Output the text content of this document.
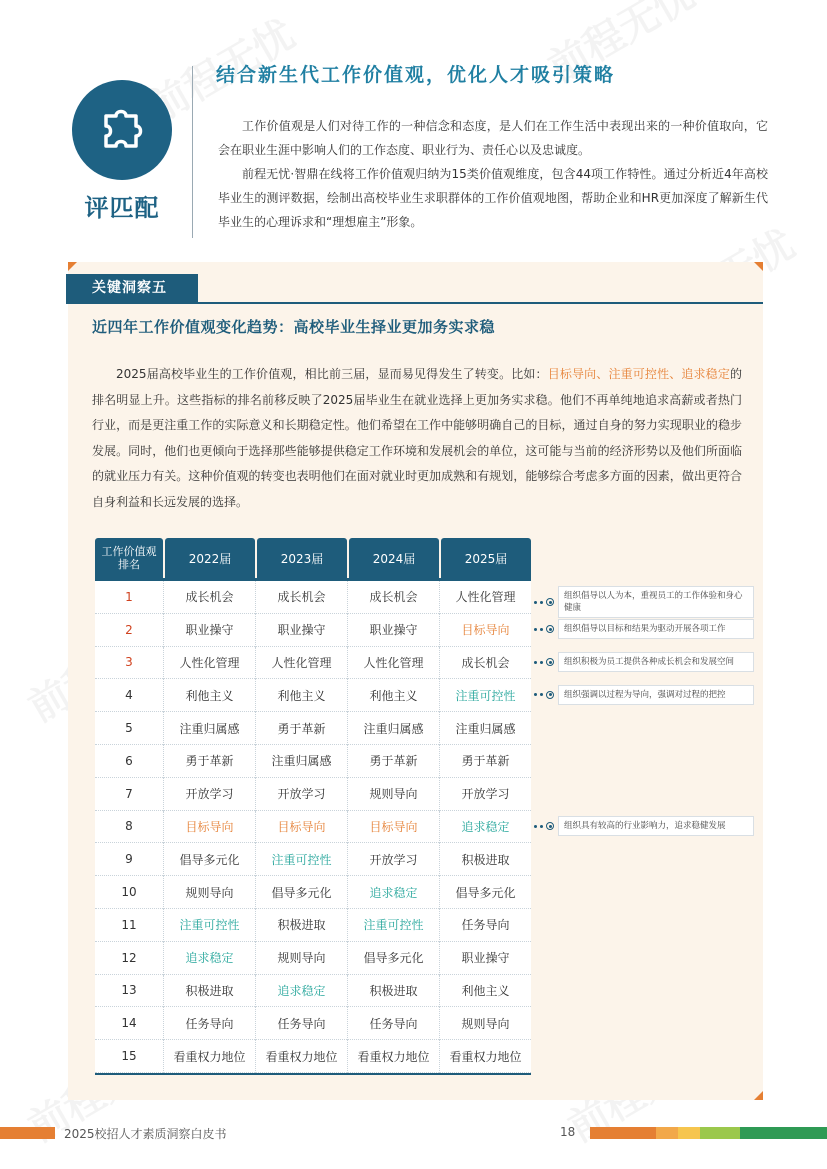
评匹配
结合新生代工作价值观，优化人才吸引策略

工作价值观是人们对待工作的一种信念和态度，是人们在工作生活中表现出来的一种价值取向，它会在职业生涯中影响人们的工作态度、职业行为、责任心以及忠诚度。

前程无忧·智鼎在线将工作价值观归纳为15类价值观维度，包含44项工作特性。通过分析近4年高校毕业生的测评数据，绘制出高校毕业生求职群体的工作价值观地图，帮助企业和HR更加深度了解新生代毕业生的心理诉求和“理想雇主”形象。

关键洞察五
近四年工作价值观变化趋势：高校毕业生择业更加务实求稳

2025届高校毕业生的工作价值观，相比前三届，显而易见得发生了转变。比如：目标导向、注重可控性、追求稳定的排名明显上升。这些指标的排名前移反映了2025届毕业生在就业选择上更加务实求稳。他们不再单纯地追求高薪或者热门行业，而是更注重工作的实际意义和长期稳定性。他们希望在工作中能够明确自己的目标，通过自身的努力实现职业的稳步发展。同时，他们也更倾向于选择那些能够提供稳定工作环境和发展机会的单位，这可能与当前的经济形势以及他们所面临的就业压力有关。这种价值观的转变也表明他们在面对就业时更加成熟和有规划，能够综合考虑多方面的因素，做出更符合自身利益和长远发展的选择。

工作价值观排名	2022届	2023届	2024届	2025届
1	成长机会	成长机会	成长机会	人性化管理
2	职业操守	职业操守	职业操守	目标导向
3	人性化管理	人性化管理	人性化管理	成长机会
4	利他主义	利他主义	利他主义	注重可控性
5	注重归属感	勇于革新	注重归属感	注重归属感
6	勇于革新	注重归属感	勇于革新	勇于革新
7	开放学习	开放学习	规则导向	开放学习
8	目标导向	目标导向	目标导向	追求稳定
9	倡导多元化	注重可控性	开放学习	积极进取
10	规则导向	倡导多元化	追求稳定	倡导多元化
11	注重可控性	积极进取	注重可控性	任务导向
12	追求稳定	规则导向	倡导多元化	职业操守
13	积极进取	追求稳定	积极进取	利他主义
14	任务导向	任务导向	任务导向	规则导向
15	看重权力地位	看重权力地位	看重权力地位	看重权力地位
组织倡导以人为本，重视员工的工作体验和身心健康
组织倡导以目标和结果为驱动开展各项工作
组织积极为员工提供各种成长机会和发展空间
组织强调以过程为导向，强调对过程的把控
组织具有较高的行业影响力，追求稳健发展
2025校招人才素质洞察白皮书	18
